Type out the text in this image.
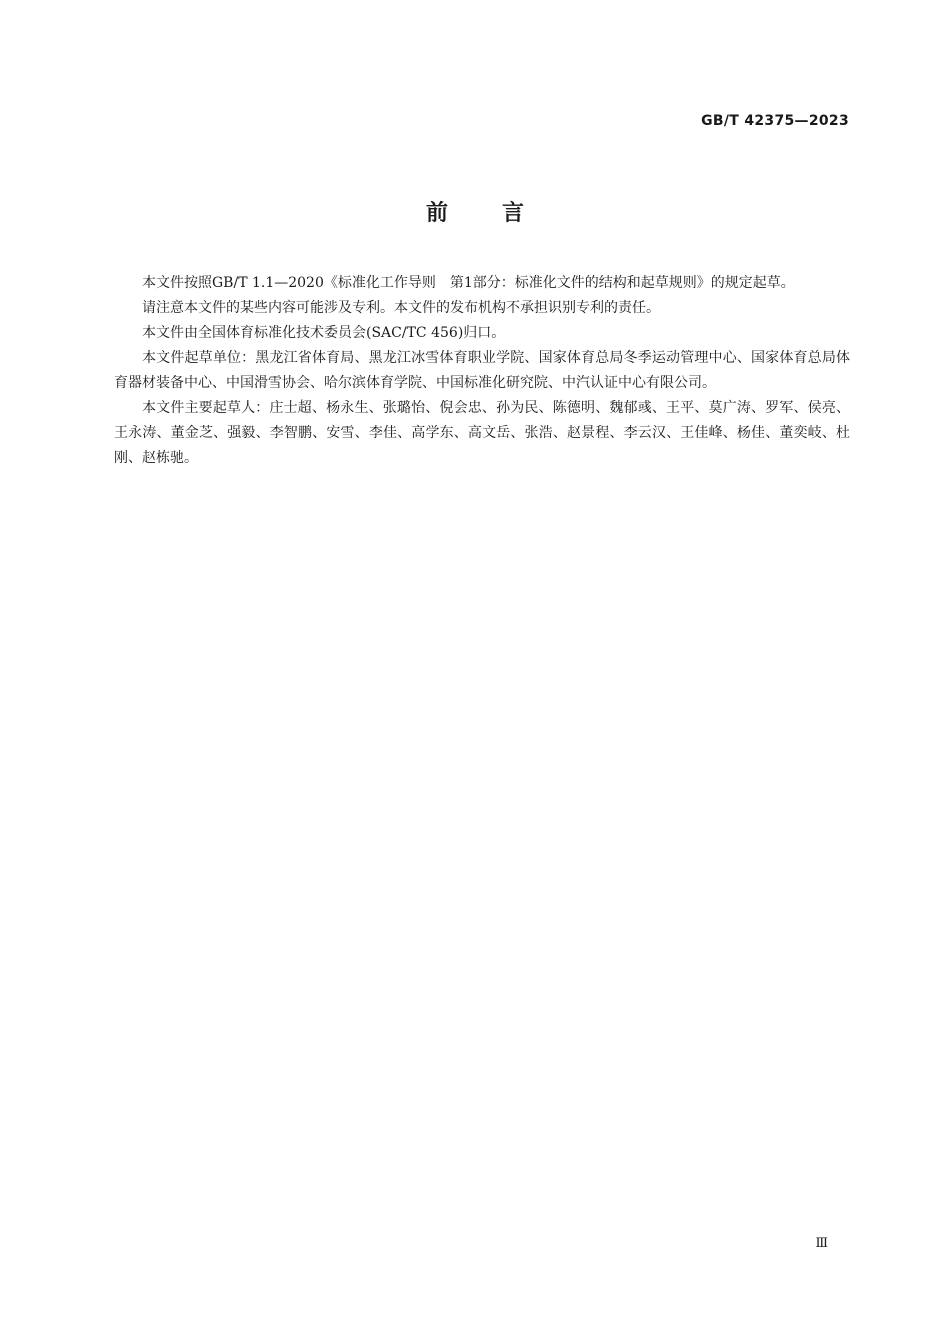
GB/T 42375—2023
前言

本文件按照GB/T 1.1—2020《标准化工作导则　第1部分：标准化文件的结构和起草规则》的规定起草。

请注意本文件的某些内容可能涉及专利。本文件的发布机构不承担识别专利的责任。

本文件由全国体育标准化技术委员会(SAC/TC 456)归口。

本文件起草单位：黑龙江省体育局、黑龙江冰雪体育职业学院、国家体育总局冬季运动管理中心、国家体育总局体育器材装备中心、中国滑雪协会、哈尔滨体育学院、中国标准化研究院、中汽认证中心有限公司。

本文件主要起草人：庄士超、杨永生、张璐怡、倪会忠、孙为民、陈德明、魏郁彧、王平、莫广涛、罗军、侯亮、王永涛、董金芝、强毅、李智鹏、安雪、李佳、高学东、高文岳、张浩、赵景程、李云汉、王佳峰、杨佳、董奕岐、杜刚、赵栋驰。

Ⅲ
